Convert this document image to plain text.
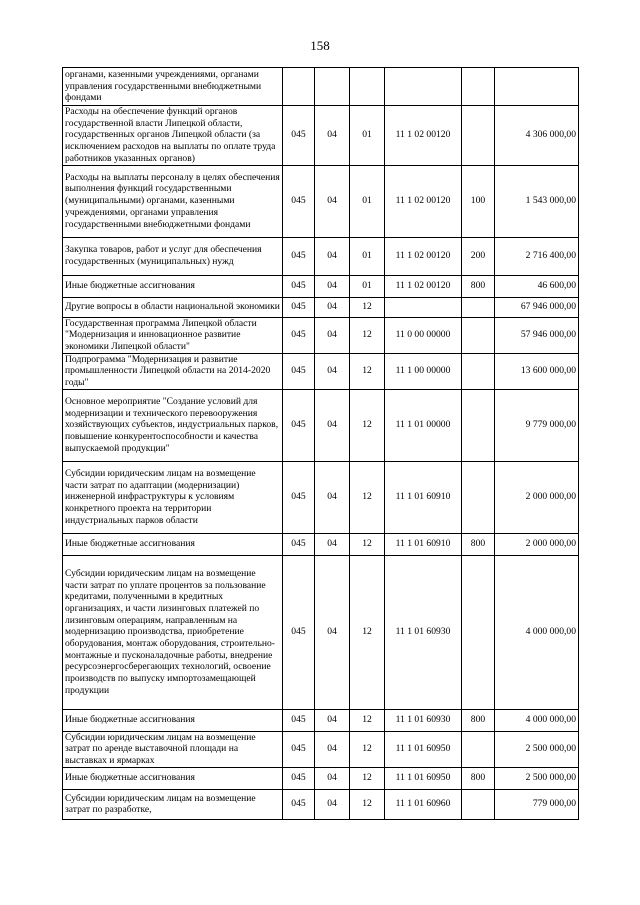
158
органами, казенными учреждениями, органами управления государственными внебюджетными фондами						
Расходы на обеспечение функций органов государственной власти Липецкой области, государственных органов Липецкой области (за исключением расходов на выплаты по оплате труда работников указанных органов)	045	04	01	11 1 02 00120		4 306 000,00
Расходы на выплаты персоналу в целях обеспечения выполнения функций государственными (муниципальными) органами, казенными учреждениями, органами управления государственными внебюджетными фондами	045	04	01	11 1 02 00120	100	1 543 000,00
Закупка товаров, работ и услуг для обеспечения государственных (муниципальных) нужд	045	04	01	11 1 02 00120	200	2 716 400,00
Иные бюджетные ассигнования	045	04	01	11 1 02 00120	800	46 600,00
Другие вопросы в области национальной экономики	045	04	12			67 946 000,00
Государственная программа Липецкой области "Модернизация и инновационное развитие экономики Липецкой области"	045	04	12	11 0 00 00000		57 946 000,00
Подпрограмма "Модернизация и развитие промышленности Липецкой области на 2014-2020 годы"	045	04	12	11 1 00 00000		13 600 000,00
Основное мероприятие "Создание условий для модернизации и технического перевооружения хозяйствующих субъектов, индустриальных парков, повышение конкурентоспособности и качества выпускаемой продукции"	045	04	12	11 1 01 00000		9 779 000,00
Субсидии юридическим лицам на возмещение части затрат по адаптации (модернизации) инженерной инфраструктуры к условиям конкретного проекта на территории индустриальных парков области	045	04	12	11 1 01 60910		2 000 000,00
Иные бюджетные ассигнования	045	04	12	11 1 01 60910	800	2 000 000,00
Субсидии юридическим лицам на возмещение части затрат по уплате процентов за пользование кредитами, полученными в кредитных организациях, и части лизинговых платежей по лизинговым операциям, направленным на модернизацию производства, приобретение оборудования, монтаж оборудования, строительно-монтажные и пусконаладочные работы, внедрение ресурсоэнергосберегающих технологий, освоение производств по выпуску импортозамещающей продукции	045	04	12	11 1 01 60930		4 000 000,00
Иные бюджетные ассигнования	045	04	12	11 1 01 60930	800	4 000 000,00
Субсидии юридическим лицам на возмещение затрат по аренде выставочной площади на выставках и ярмарках	045	04	12	11 1 01 60950		2 500 000,00
Иные бюджетные ассигнования	045	04	12	11 1 01 60950	800	2 500 000,00
Субсидии юридическим лицам на возмещение затрат по разработке,	045	04	12	11 1 01 60960		779 000,00
